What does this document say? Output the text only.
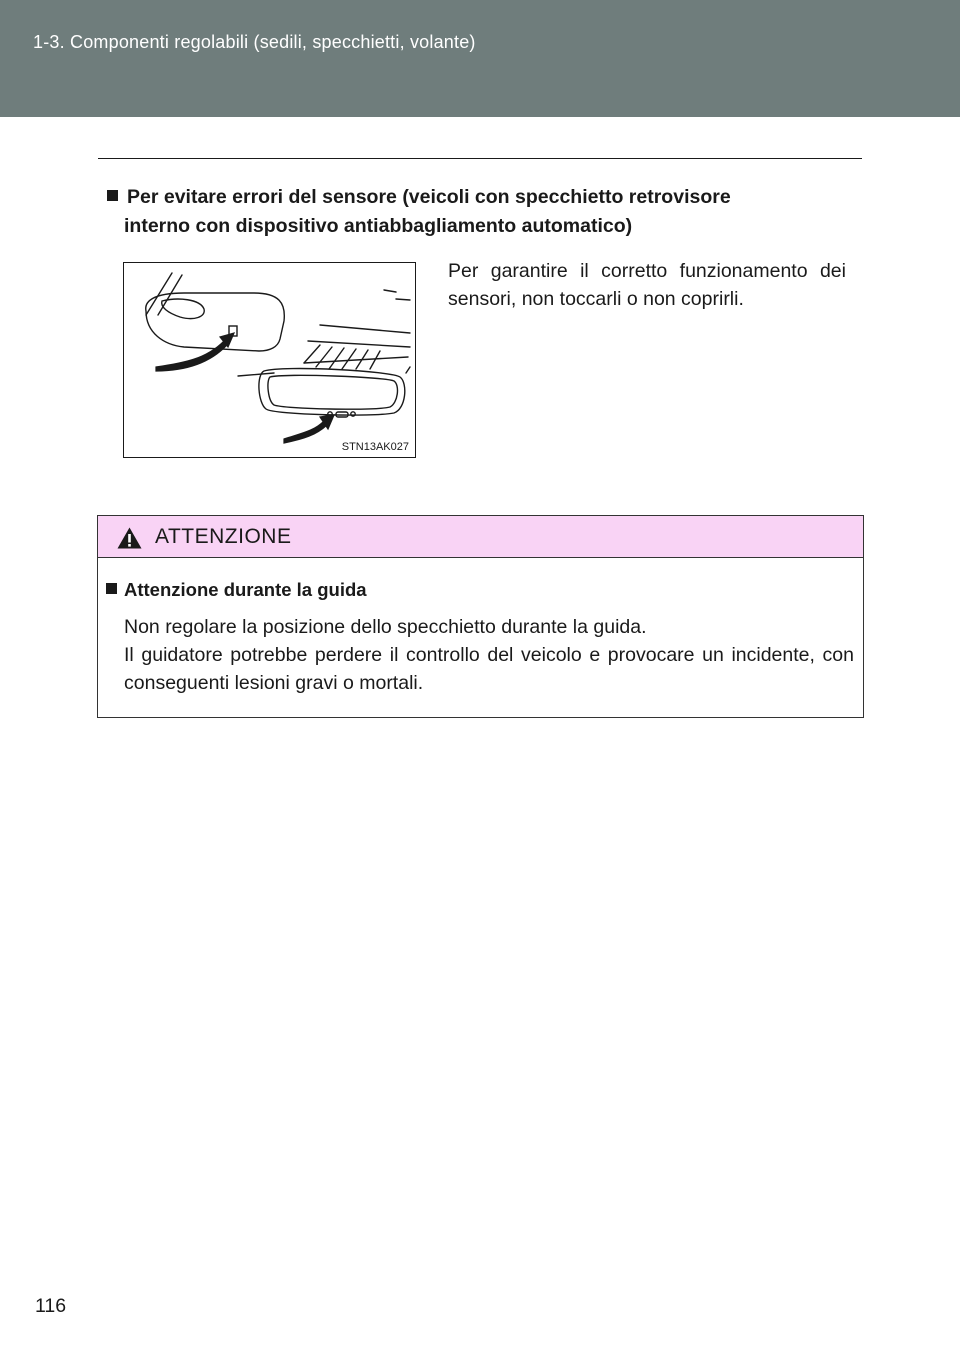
1-3. Componenti regolabili (sedili, specchietti, volante)
Per evitare errori del sensore (veicoli con specchietto retrovisore
interno con dispositivo antiabbagliamento automatico)
STN13AK027
Per garantire il corretto funzionamento dei sensori, non toccarli o non coprirli.
ATTENZIONE
Attenzione durante la guida

Non regolare la posizione dello specchietto durante la guida.

Il guidatore potrebbe perdere il controllo del veicolo e provocare un incidente, con conseguenti lesioni gravi o mortali.

116
